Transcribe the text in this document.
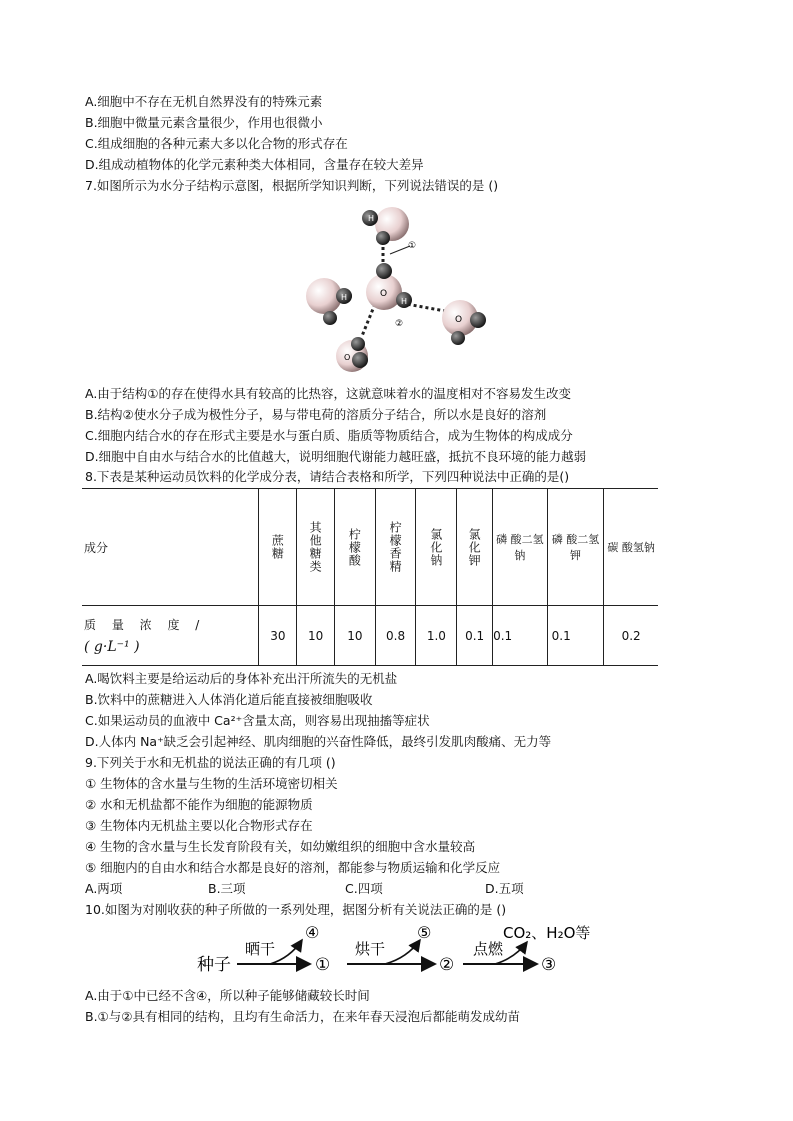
A.细胞中不存在无机自然界没有的特殊元素
B.细胞中微量元素含量很少，作用也很微小
C.组成细胞的各种元素大多以化合物的形式存在
D.组成动植物体的化学元素种类大体相同，含量存在较大差异
7.如图所示为水分子结构示意图，根据所学知识判断，下列说法错误的是 ()
H
O
H
H
O
O
①
②
A.由于结构①的存在使得水具有较高的比热容，这就意味着水的温度相对不容易发生改变
B.结构②使水分子成为极性分子，易与带电荷的溶质分子结合，所以水是良好的溶剂
C.细胞内结合水的存在形式主要是水与蛋白质、脂质等物质结合，成为生物体的构成成分
D.细胞中自由水与结合水的比值越大，说明细胞代谢能力越旺盛，抵抗不良环境的能力越弱
8.下表是某种运动员饮料的化学成分表，请结合表格和所学，下列四种说法中正确的是()
成分	蔗糖	其他糖类	柠檬酸	柠檬香精	氯化钠	氯化钾	磷 酸二氢钠	磷 酸二氢钾	碳 酸氢钠

质 量 浓 度 /
( g·L⁻¹ )	30	10	10	0.8	1.0	0.1	0.1	0.1	0.2
A.喝饮料主要是给运动后的身体补充出汗所流失的无机盐
B.饮料中的蔗糖进入人体消化道后能直接被细胞吸收
C.如果运动员的血液中 Ca²⁺含量太高，则容易出现抽搐等症状
D.人体内 Na⁺缺乏会引起神经、肌肉细胞的兴奋性降低，最终引发肌肉酸痛、无力等
9.下列关于水和无机盐的说法正确的有几项 ()
① 生物体的含水量与生物的生活环境密切相关
② 水和无机盐都不能作为细胞的能源物质
③ 生物体内无机盐主要以化合物形式存在
④ 生物的含水量与生长发育阶段有关，如幼嫩组织的细胞中含水量较高
⑤ 细胞内的自由水和结合水都是良好的溶剂，都能参与物质运输和化学反应
A.两项	B.三项	C.四项	D.五项
10.如图为对刚收获的种子所做的一系列处理，据图分析有关说法正确的是 ()
种子
晒干
④
①
烘干
⑤
②
点燃
CO₂、H₂O等
③
A.由于①中已经不含④，所以种子能够储藏较长时间
B.①与②具有相同的结构，且均有生命活力，在来年春天浸泡后都能萌发成幼苗
